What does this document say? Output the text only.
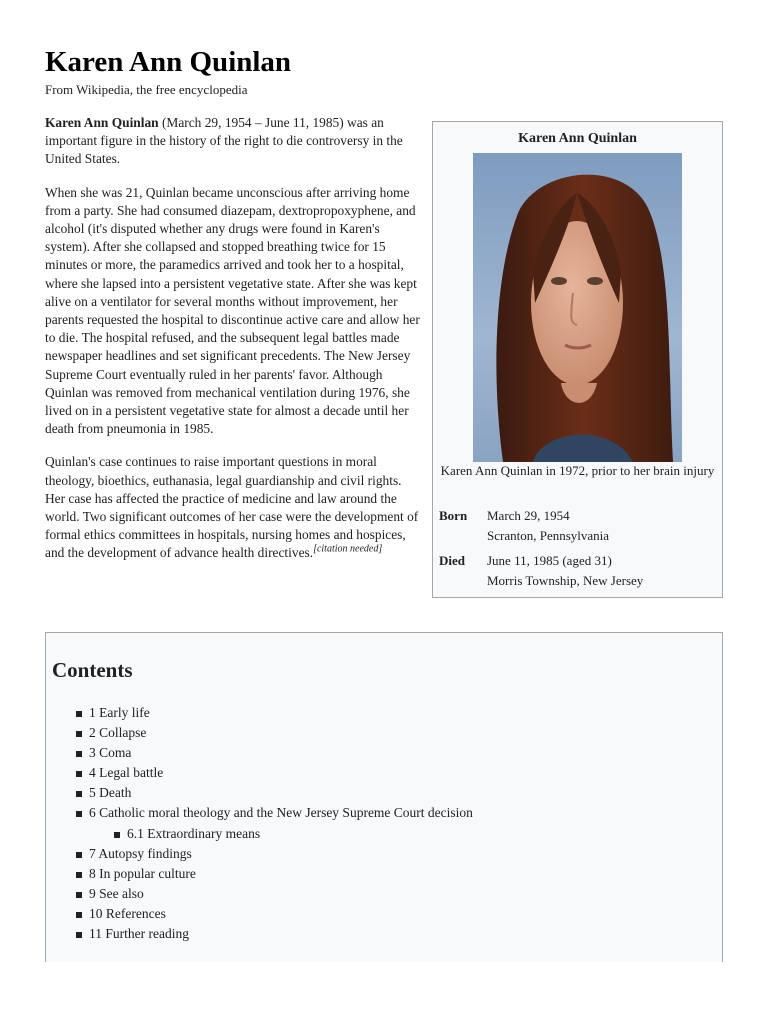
Karen Ann Quinlan
From Wikipedia, the free encyclopedia

Karen Ann Quinlan (March 29, 1954 – June 11, 1985) was an important figure in the history of the right to die controversy in the United States.

When she was 21, Quinlan became unconscious after arriving home from a party. She had consumed diazepam, dextropropoxyphene, and alcohol (it's disputed whether any drugs were found in Karen's system). After she collapsed and stopped breathing twice for 15 minutes or more, the paramedics arrived and took her to a hospital, where she lapsed into a persistent vegetative state. After she was kept alive on a ventilator for several months without improvement, her parents requested the hospital to discontinue active care and allow her to die. The hospital refused, and the subsequent legal battles made newspaper headlines and set significant precedents. The New Jersey Supreme Court eventually ruled in her parents' favor. Although Quinlan was removed from mechanical ventilation during 1976, she lived on in a persistent vegetative state for almost a decade until her death from pneumonia in 1985.

Quinlan's case continues to raise important questions in moral theology, bioethics, euthanasia, legal guardianship and civil rights. Her case has affected the practice of medicine and law around the world. Two significant outcomes of her case were the development of formal ethics committees in hospitals, nursing homes and hospices, and the development of advance health directives.[citation needed]

Karen Ann Quinlan
Karen Ann Quinlan in 1972, prior to her brain injury
Born March 29, 1954
Scranton, Pennsylvania
Died June 11, 1985 (aged 31)
Morris Township, New Jersey
Contents
1 Early life
2 Collapse
3 Coma
4 Legal battle
5 Death
6 Catholic moral theology and the New Jersey Supreme Court decision
6.1 Extraordinary means
7 Autopsy findings
8 In popular culture
9 See also
10 References
11 Further reading
